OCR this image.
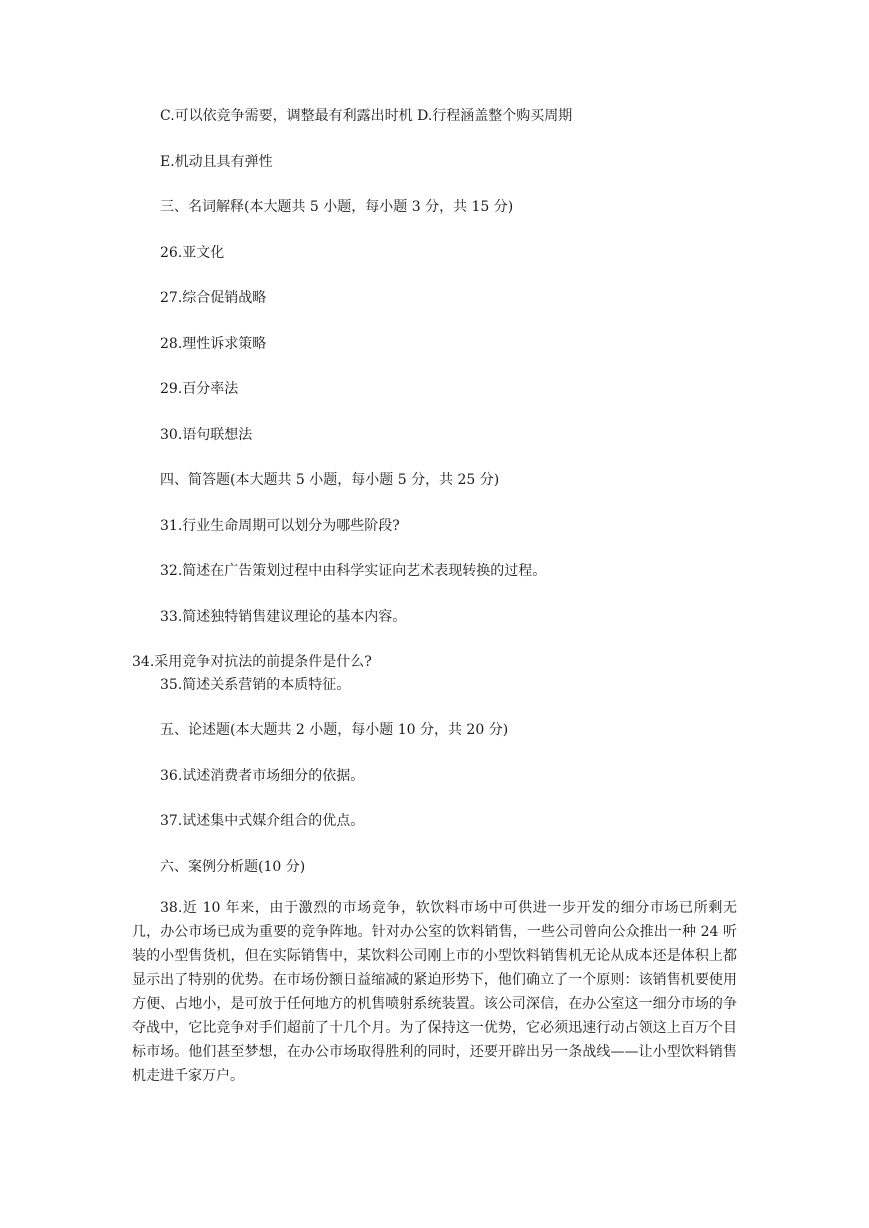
C.可以依竞争需要，调整最有利露出时机 D.行程涵盖整个购买周期
E.机动且具有弹性
三、名词解释(本大题共 5 小题，每小题 3 分，共 15 分)
26.亚文化
27.综合促销战略
28.理性诉求策略
29.百分率法
30.语句联想法
四、简答题(本大题共 5 小题，每小题 5 分，共 25 分)
31.行业生命周期可以划分为哪些阶段?
32.简述在广告策划过程中由科学实证向艺术表现转换的过程。
33.简述独特销售建议理论的基本内容。
34.采用竞争对抗法的前提条件是什么?
35.简述关系营销的本质特征。
五、论述题(本大题共 2 小题，每小题 10 分，共 20 分)
36.试述消费者市场细分的依据。
37.试述集中式媒介组合的优点。
六、案例分析题(10 分)
38.近 10 年来，由于激烈的市场竞争，软饮料市场中可供进一步开发的细分市场已所剩无几，办公市场已成为重要的竞争阵地。针对办公室的饮料销售，一些公司曾向公众推出一种 24 听装的小型售货机，但在实际销售中，某饮料公司刚上市的小型饮料销售机无论从成本还是体积上都显示出了特别的优势。在市场份额日益缩减的紧迫形势下，他们确立了一个原则：该销售机要使用方便、占地小，是可放于任何地方的机售喷射系统装置。该公司深信，在办公室这一细分市场的争夺战中，它比竞争对手们超前了十几个月。为了保持这一优势，它必须迅速行动占领这上百万个目标市场。他们甚至梦想，在办公市场取得胜利的同时，还要开辟出另一条战线——让小型饮料销售机走进千家万户。
